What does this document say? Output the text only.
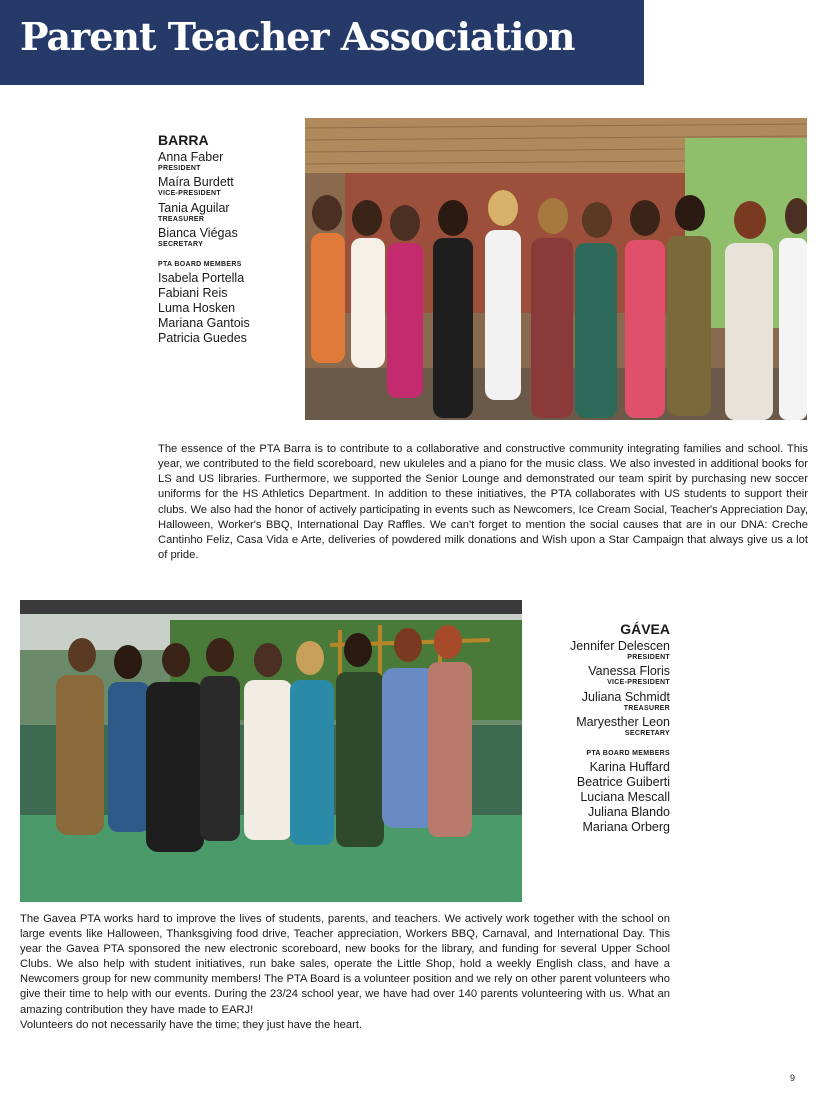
Parent Teacher Association
BARRA
Anna Faber
PRESIDENT
Maíra Burdett
VICE-PRESIDENT
Tania Aguilar
TREASURER
Bianca Viégas
SECRETARY
PTA BOARD MEMBERS
Isabela Portella
Fabiani Reis
Luma Hosken
Mariana Gantois
Patricia Guedes

The essence of the PTA Barra is to contribute to a collaborative and constructive community integrating families and school. This year, we contributed to the field scoreboard, new ukuleles and a piano for the music class. We also invested in additional books for LS and US libraries. Furthermore, we supported the Senior Lounge and demonstrated our team spirit by purchasing new soccer uniforms for the HS Athletics Department. In addition to these initiatives, the PTA collaborates with US students to support their clubs. We also had the honor of actively participating in events such as Newcomers, Ice Cream Social, Teacher's Appreciation Day, Halloween, Worker's BBQ, International Day Raffles. We can't forget to mention the social causes that are in our DNA: Creche Cantinho Feliz, Casa Vida e Arte, deliveries of powdered milk donations and Wish upon a Star Campaign that always give us a lot of pride.

GÁVEA
Jennifer Delescen
PRESIDENT
Vanessa Floris
VICE-PRESIDENT
Juliana Schmidt
TREASURER
Maryesther Leon
SECRETARY
PTA BOARD MEMBERS
Karina Huffard
Beatrice Guiberti
Luciana Mescall
Juliana Blando
Mariana Orberg
The Gavea PTA works hard to improve the lives of students, parents, and teachers. We actively work together with the school on large events like Halloween, Thanksgiving food drive, Teacher appreciation, Workers BBQ, Carnaval, and International Day. This year the Gavea PTA sponsored the new electronic scoreboard, new books for the library, and funding for several Upper School Clubs. We also help with student initiatives, run bake sales, operate the Little Shop, hold a weekly English class, and have a Newcomers group for new community members! The PTA Board is a volunteer position and we rely on other parent volunteers who give their time to help with our events. During the 23/24 school year, we have had over 140 parents volunteering with us. What an amazing contribution they have made to EARJ!
Volunteers do not necessarily have the time; they just have the heart.
9
